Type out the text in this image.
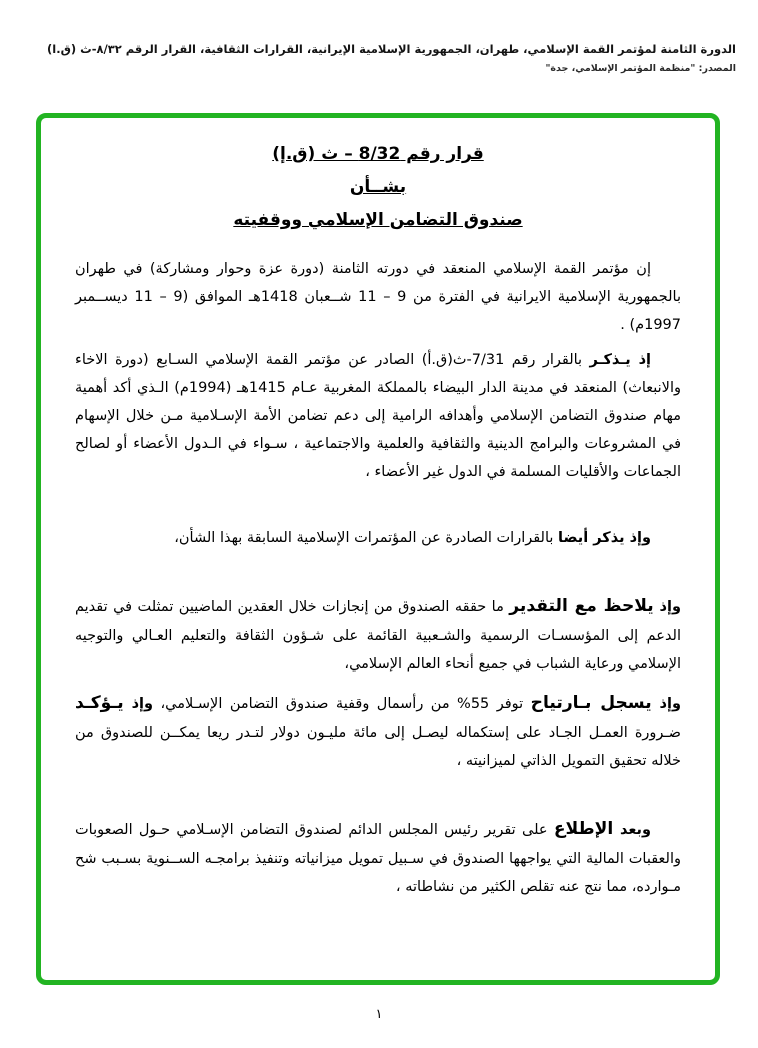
الدورة الثامنة لمؤتمر القمة الإسلامي، طهران، الجمهورية الإسلامية الإيرانية، القرارات الثقافية، القرار الرقم ٨/٣٢-ث (ق.ا)
المصدر: "منظمة المؤتمر الإسلامي، جدة"
قرار رقم 8/32 – ث (ق.إ)
بشــأن
صندوق التضامن الإسلامي ووقفيته

إن مؤتمر القمة الإسلامي المنعقد في دورته الثامنة (دورة عزة وحوار ومشاركة) في طهران بالجمهورية الإسلامية الايرانية في الفترة من 9 – 11 شــعبان 1418هـ الموافق (9 – 11 ديســمبر 1997م) .

إذ يـذكـر بالقرار رقم 7/31-ث(ق.أ) الصادر عن مؤتمر القمة الإسلامي السـابع (دورة الاخاء والانبعاث) المنعقد في مدينة الدار البيضاء بالمملكة المغربية عـام 1415هـ (1994م) الـذي أكد أهمية مهام صندوق التضامن الإسلامي وأهدافه الرامية إلى دعم تضامن الأمة الإسـلامية مـن خلال الإسهام في المشروعات والبرامج الدينية والثقافية والعلمية والاجتماعية ، سـواء في الـدول الأعضاء أو لصالح الجماعات والأقليات المسلمة في الدول غير الأعضاء ،

وإذ يذكر أيضا بالقرارات الصادرة عن المؤتمرات الإسلامية السابقة بهذا الشأن،

وإذ يلاحظ مع التقدير ما حققه الصندوق من إنجازات خلال العقدين الماضيين تمثلت في تقديم الدعم إلى المؤسسـات الرسمية والشـعبية القائمة على شـؤون الثقافة والتعليم العـالي والتوجيه الإسلامي ورعاية الشباب في جميع أنحاء العالم الإسلامي،

وإذ يسجل بـارتياح توفر 55% من رأسمال وقفية صندوق التضامن الإسـلامي، وإذ يـؤكـد ضـرورة العمـل الجـاد على إستكماله ليصـل إلى مائة مليـون دولار لتـدر ريعا يمكــن للصندوق من خلاله تحقيق التمويل الذاتي لميزانيته ،

وبعد الإطلاع على تقرير رئيس المجلس الدائم لصندوق التضامن الإسـلامي حـول الصعوبات والعقبات المالية التي يواجهها الصندوق في سـبيل تمويل ميزانياته وتنفيذ برامجـه الســنوية بسـبب شح مـوارده، مما نتج عنه تقلص الكثير من نشاطاته ،

١
